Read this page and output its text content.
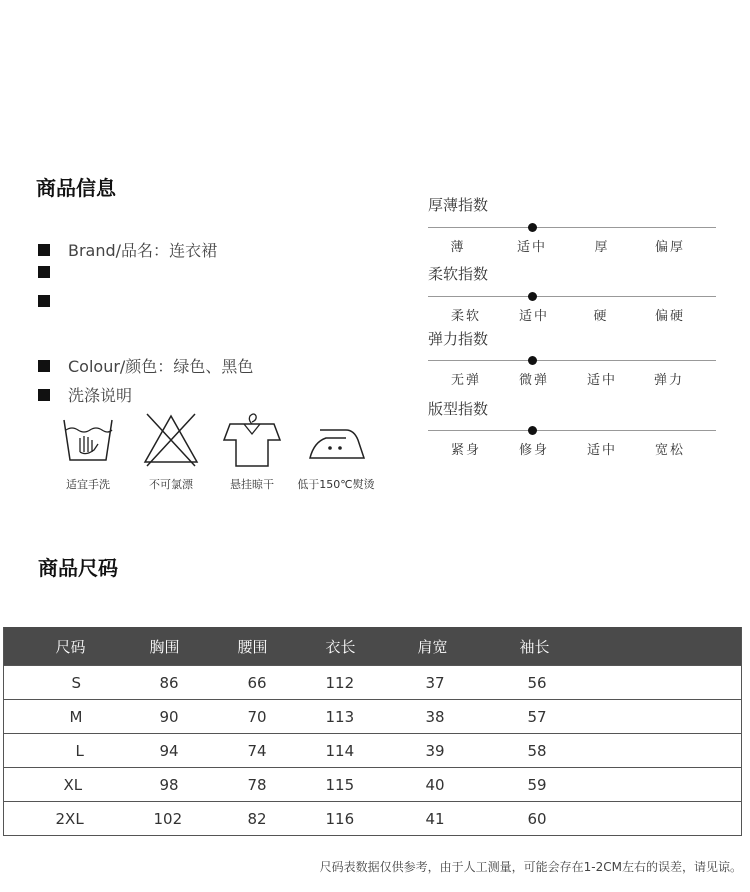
商品信息
Brand/品名： 连衣裙
Colour/颜色： 绿色、黑色
洗涤说明
适宜手洗	不可氯漂	悬挂晾干	低于150℃熨烫
厚薄指数
薄	适中	厚	偏厚
柔软指数
柔软	适中	硬	偏硬
弹力指数
无弹	微弹	适中	弹力
版型指数
紧身	修身	适中	宽松
商品尺码
	尺码	胸围	腰围	衣长	肩宽	袖长
	S	86	66	112	37	56
	M	90	70	113	38	57
	L	94	74	114	39	58
	XL	98	78	115	40	59
	2XL	102	82	116	41	60
尺码表数据仅供参考，由于人工测量，可能会存在1-2CM左右的误差，请见谅。
